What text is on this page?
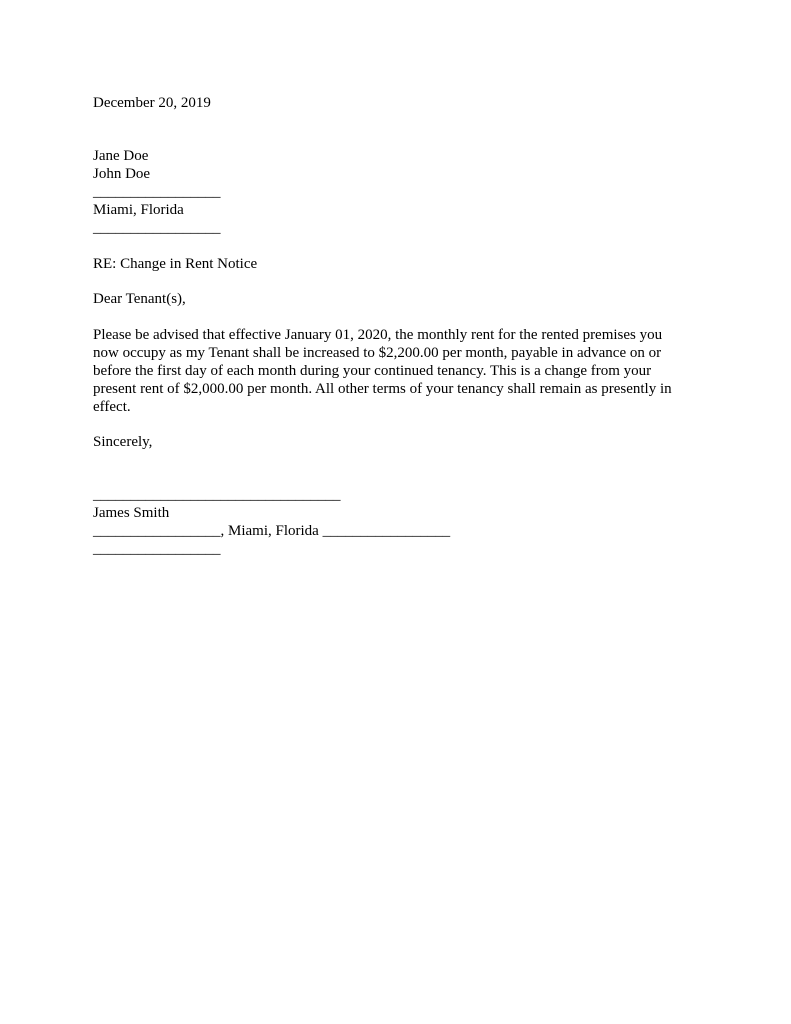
December 20, 2019
Jane Doe
John Doe
_________________
Miami, Florida
_________________
RE: Change in Rent Notice
Dear Tenant(s),
Please be advised that effective January 01, 2020, the monthly rent for the rented premises you
now occupy as my Tenant shall be increased to $2,200.00 per month, payable in advance on or
before the first day of each month during your continued tenancy. This is a change from your
present rent of $2,000.00 per month. All other terms of your tenancy shall remain as presently in
effect.
Sincerely,
_________________________________
James Smith
_________________, Miami, Florida _________________
_________________
